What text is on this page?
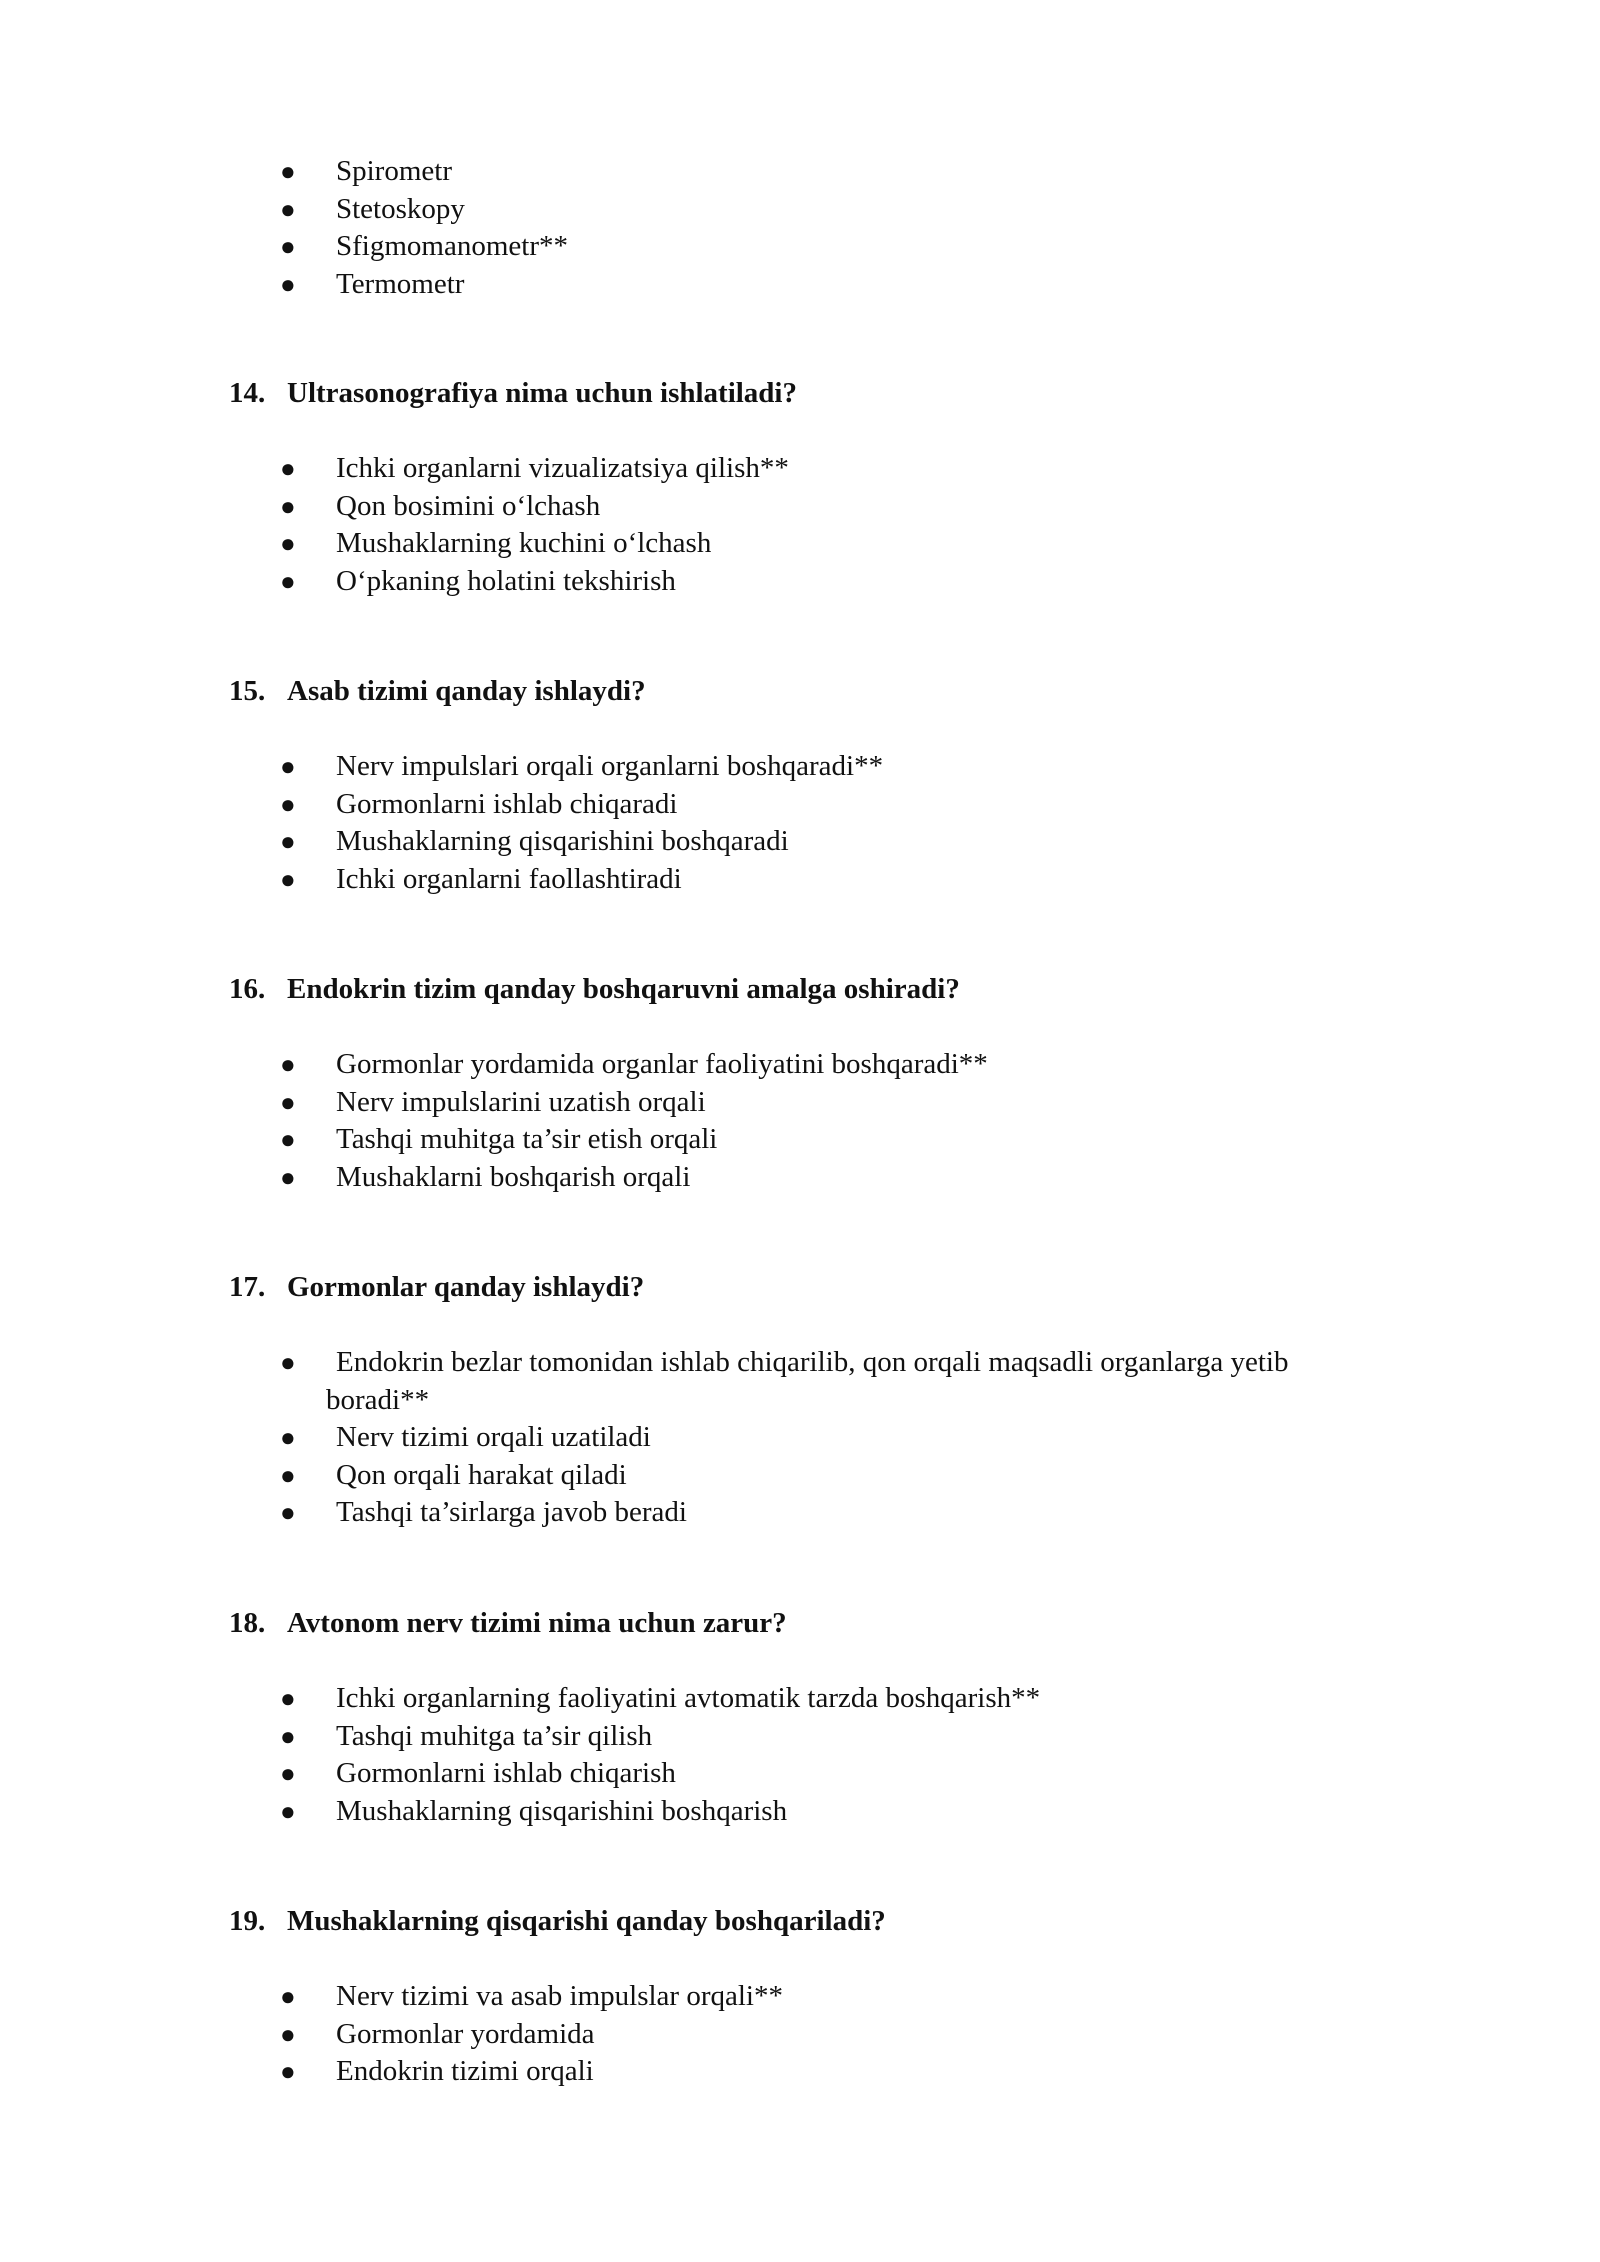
● Spirometr
● Stetoskopy
● Sfigmomanometr**
● Termometr
14. Ultrasonografiya nima uchun ishlatiladi?
● Ichki organlarni vizualizatsiya qilish**
● Qon bosimini oʻlchash
● Mushaklarning kuchini oʻlchash
● Oʻpkaning holatini tekshirish
15. Asab tizimi qanday ishlaydi?
● Nerv impulslari orqali organlarni boshqaradi**
● Gormonlarni ishlab chiqaradi
● Mushaklarning qisqarishini boshqaradi
● Ichki organlarni faollashtiradi
16. Endokrin tizim qanday boshqaruvni amalga oshiradi?
● Gormonlar yordamida organlar faoliyatini boshqaradi**
● Nerv impulslarini uzatish orqali
● Tashqi muhitga ta’sir etish orqali
● Mushaklarni boshqarish orqali
17. Gormonlar qanday ishlaydi?
● Endokrin bezlar tomonidan ishlab chiqarilib, qon orqali maqsadli organlarga yetib
boradi**
● Nerv tizimi orqali uzatiladi
● Qon orqali harakat qiladi
● Tashqi ta’sirlarga javob beradi
18. Avtonom nerv tizimi nima uchun zarur?
● Ichki organlarning faoliyatini avtomatik tarzda boshqarish**
● Tashqi muhitga ta’sir qilish
● Gormonlarni ishlab chiqarish
● Mushaklarning qisqarishini boshqarish
19. Mushaklarning qisqarishi qanday boshqariladi?
● Nerv tizimi va asab impulslar orqali**
● Gormonlar yordamida
● Endokrin tizimi orqali
